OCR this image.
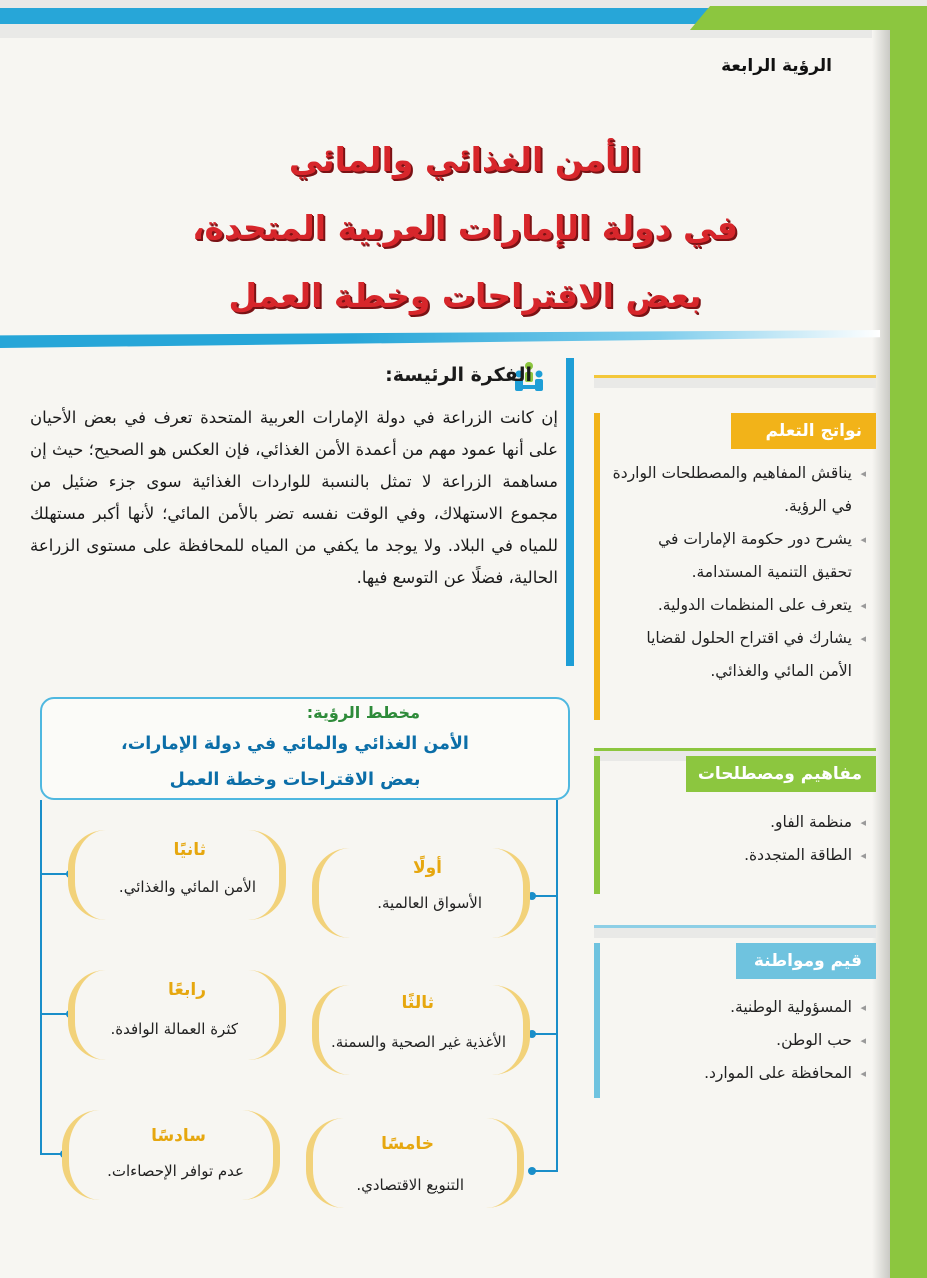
الرؤية الرابعة
الأمن الغذائي والمائي
في دولة الإمارات العربية المتحدة،
بعض الاقتراحات وخطة العمل
الفكرة الرئيسة:
إن كانت الزراعة في دولة الإمارات العربية المتحدة تعرف في بعض الأحيان على أنها عمود مهم من أعمدة الأمن الغذائي، فإن العكس هو الصحيح؛ حيث إن مساهمة الزراعة لا تمثل بالنسبة للواردات الغذائية سوى جزء ضئيل من مجموع الاستهلاك، وفي الوقت نفسه تضر بالأمن المائي؛ لأنها أكبر مستهلك للمياه في البلاد. ولا يوجد ما يكفي من المياه للمحافظة على مستوى الزراعة الحالية، فضلًا عن التوسع فيها.
نواتج التعلم
◂ يناقش المفاهيم والمصطلحات الواردة
في الرؤية.
◂ يشرح دور حكومة الإمارات في
تحقيق التنمية المستدامة.
◂ يتعرف على المنظمات الدولية.
◂ يشارك في اقتراح الحلول لقضايا
الأمن المائي والغذائي.
مفاهيم ومصطلحات
◂ منظمة الفاو.
◂ الطاقة المتجددة.
قيم ومواطنة
◂ المسؤولية الوطنية.
◂ حب الوطن.
◂ المحافظة على الموارد.
مخطط الرؤية:
الأمن الغذائي والمائي في دولة الإمارات،
بعض الاقتراحات وخطة العمل
أولًا
الأسواق العالمية.
ثانيًا
الأمن المائي والغذائي.
ثالثًا
الأغذية غير الصحية والسمنة.
رابعًا
كثرة العمالة الوافدة.
خامسًا
التنويع الاقتصادي.
سادسًا
عدم توافر الإحصاءات.
